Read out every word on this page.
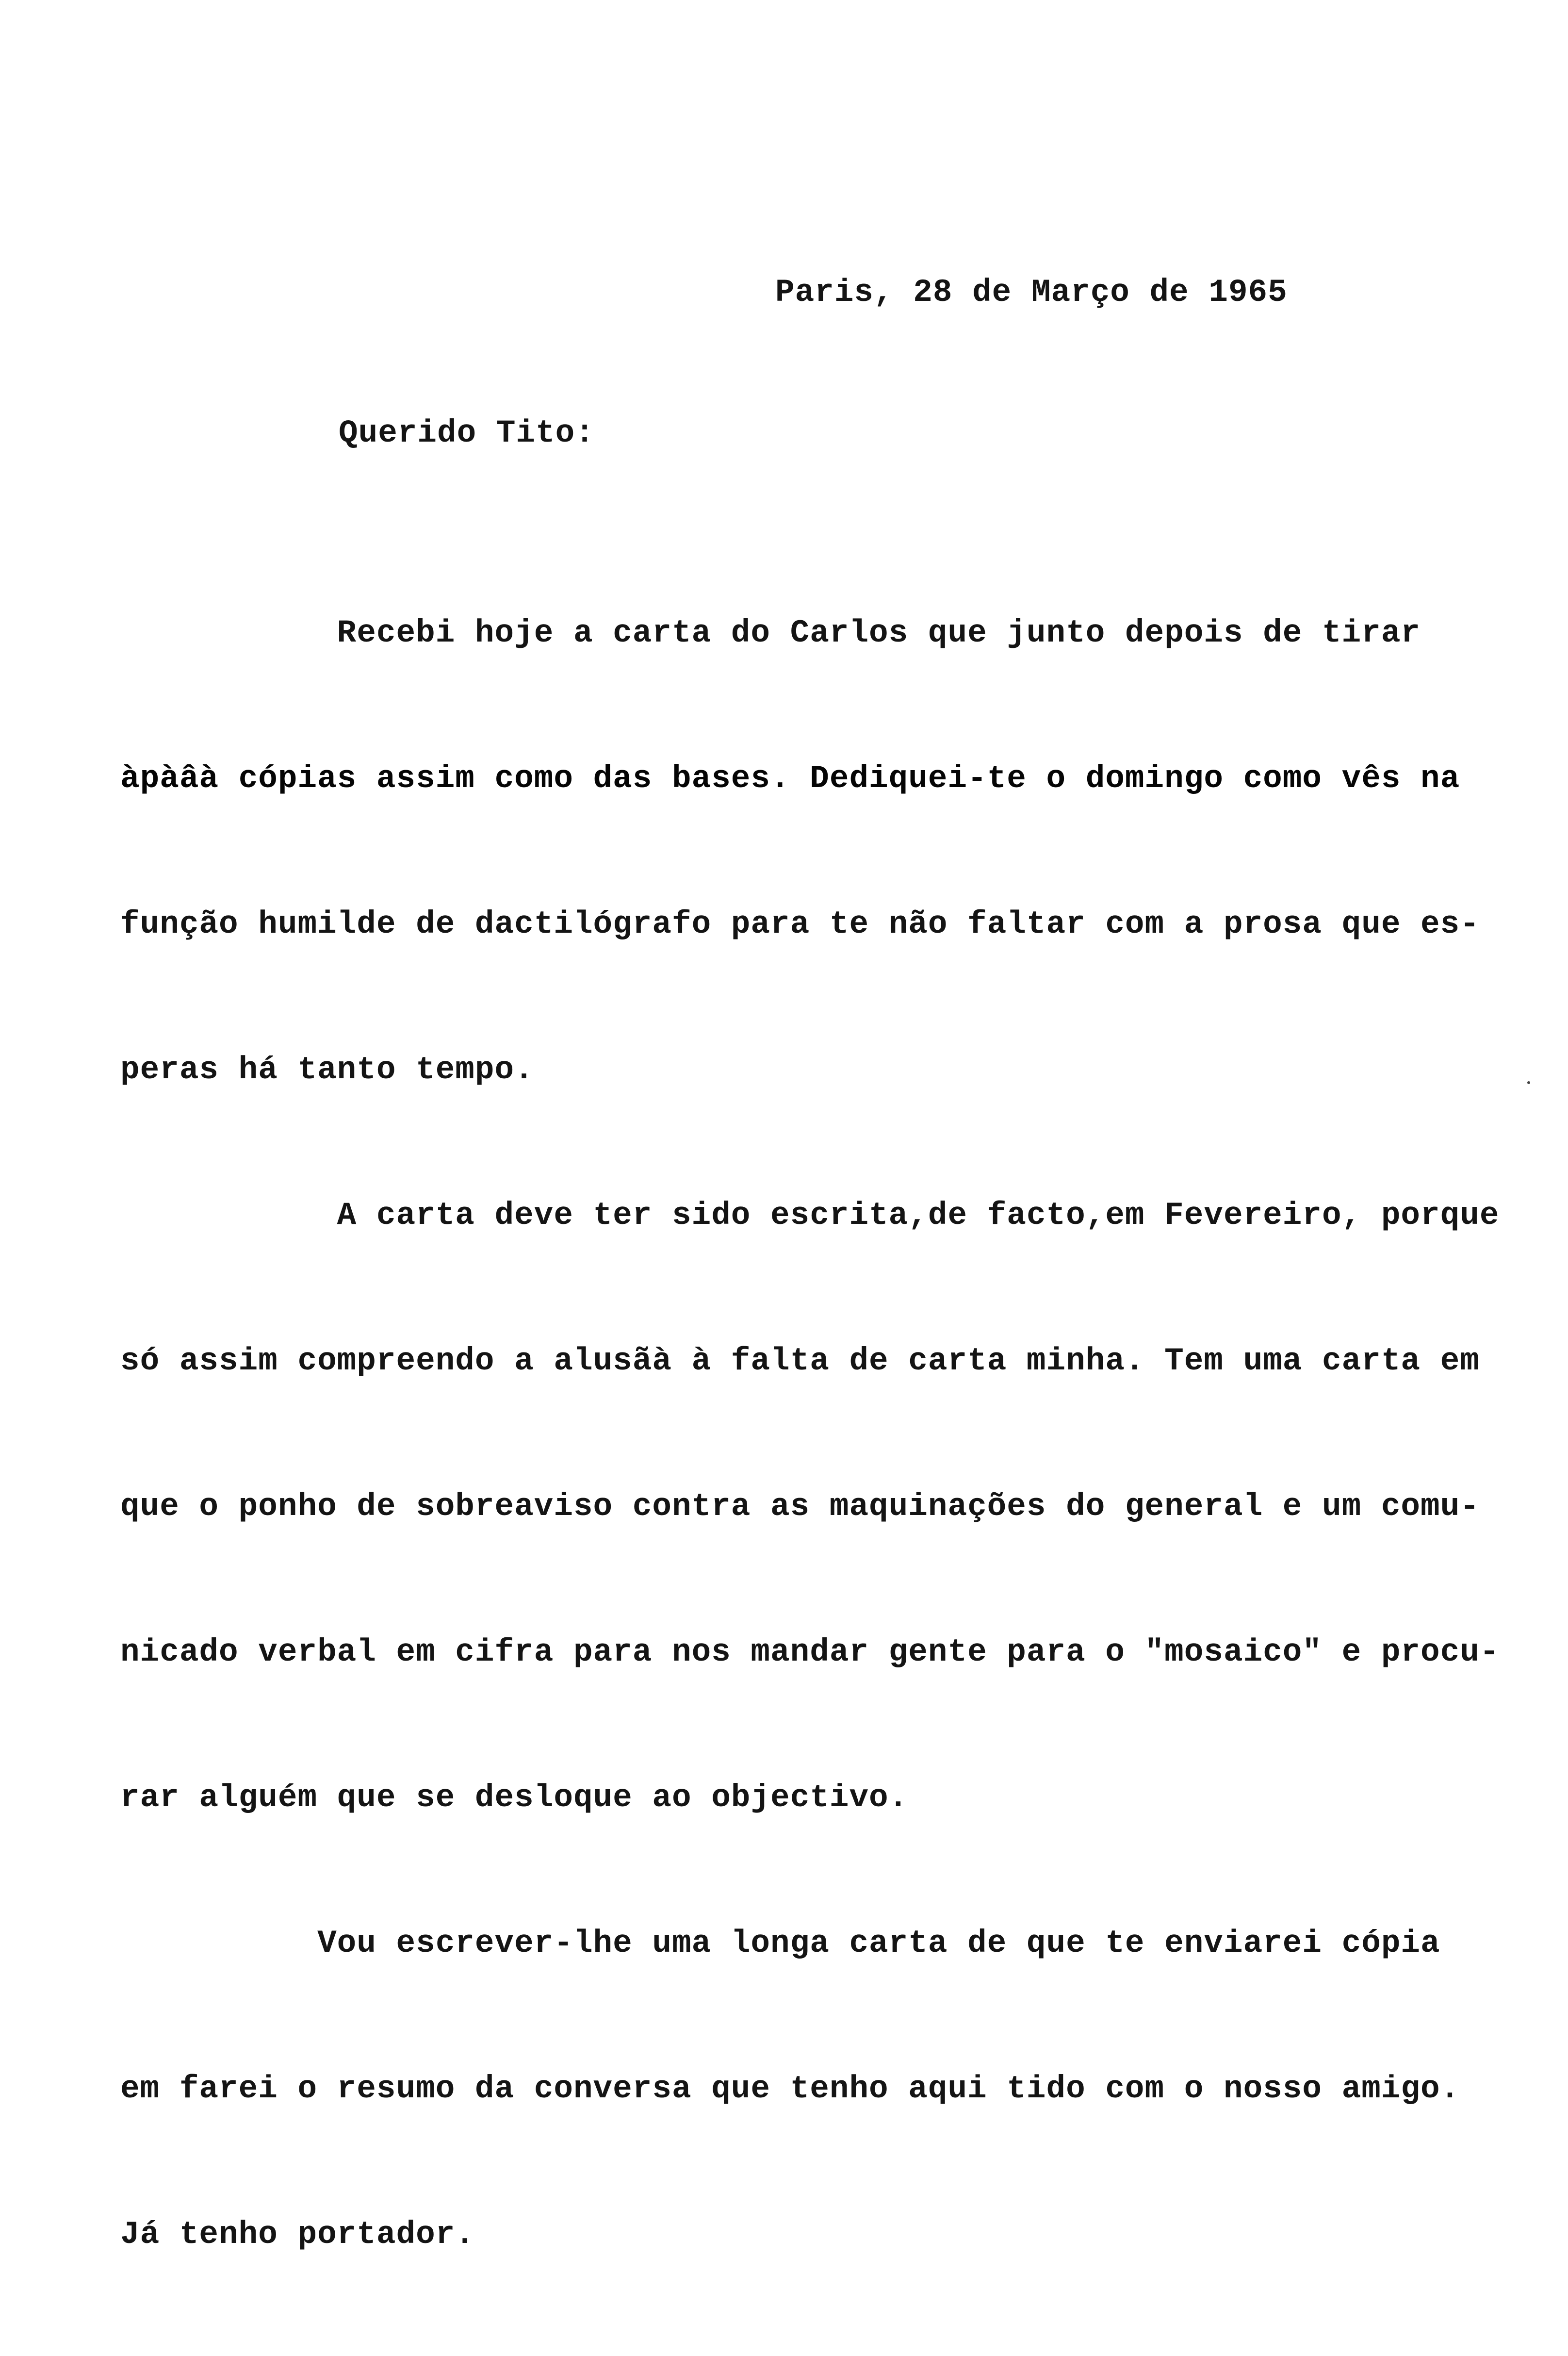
Paris, 28 de Março de 1965

Querido Tito:

Recebi hoje a carta do Carlos que junto depois de tirar

àpàâà cópias assim como das bases. Dediquei-te o domingo como vês na

função humilde de dactilógrafo para te não faltar com a prosa que es-

peras há tanto tempo.

A carta deve ter sido escrita,de facto,em Fevereiro, porque

só assim compreendo a alusãà à falta de carta minha. Tem uma carta em

que o ponho de sobreaviso contra as maquinações do general e um comu-

nicado verbal em cifra para nos mandar gente para o "mosaico" e procu-

rar alguém que se desloque ao objectivo.

Vou escrever-lhe uma longa carta de que te enviarei cópia

em farei o resumo da conversa que tenho aqui tido com o nosso amigo.

Já tenho portador.
